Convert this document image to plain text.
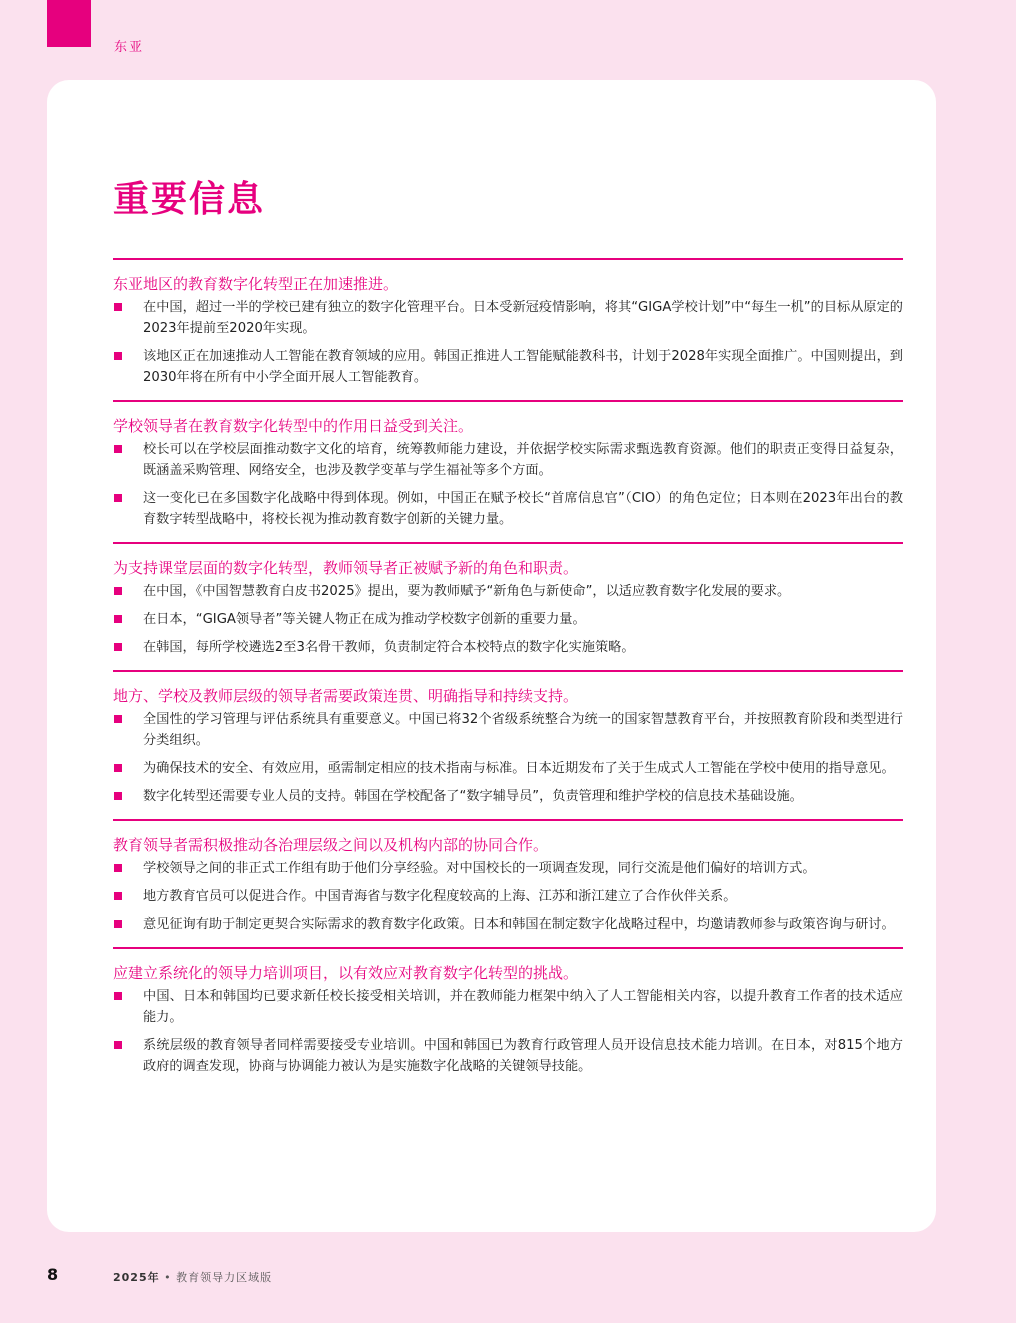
东亚
重要信息
东亚地区的教育数字化转型正在加速推进。
在中国，超过一半的学校已建有独立的数字化管理平台。日本受新冠疫情影响，将其“GIGA学校计划”中“每生一机”的目标从原定的2023年提前至2020年实现。
该地区正在加速推动人工智能在教育领域的应用。韩国正推进人工智能赋能教科书，计划于2028年实现全面推广。中国则提出，到2030年将在所有中小学全面开展人工智能教育。
学校领导者在教育数字化转型中的作用日益受到关注。
校长可以在学校层面推动数字文化的培育，统筹教师能力建设，并依据学校实际需求甄选教育资源。他们的职责正变得日益复杂，既涵盖采购管理、网络安全，也涉及教学变革与学生福祉等多个方面。
这一变化已在多国数字化战略中得到体现。例如，中国正在赋予校长“首席信息官”（CIO）的角色定位；日本则在2023年出台的教育数字转型战略中，将校长视为推动教育数字创新的关键力量。
为支持课堂层面的数字化转型，教师领导者正被赋予新的角色和职责。
在中国，《中国智慧教育白皮书2025》提出，要为教师赋予“新角色与新使命”，以适应教育数字化发展的要求。
在日本，“GIGA领导者”等关键人物正在成为推动学校数字创新的重要力量。
在韩国，每所学校遴选2至3名骨干教师，负责制定符合本校特点的数字化实施策略。
地方、学校及教师层级的领导者需要政策连贯、明确指导和持续支持。
全国性的学习管理与评估系统具有重要意义。中国已将32个省级系统整合为统一的国家智慧教育平台，并按照教育阶段和类型进行分类组织。
为确保技术的安全、有效应用，亟需制定相应的技术指南与标准。日本近期发布了关于生成式人工智能在学校中使用的指导意见。
数字化转型还需要专业人员的支持。韩国在学校配备了“数字辅导员”，负责管理和维护学校的信息技术基础设施。
教育领导者需积极推动各治理层级之间以及机构内部的协同合作。
学校领导之间的非正式工作组有助于他们分享经验。对中国校长的一项调查发现，同行交流是他们偏好的培训方式。
地方教育官员可以促进合作。中国青海省与数字化程度较高的上海、江苏和浙江建立了合作伙伴关系。
意见征询有助于制定更契合实际需求的教育数字化政策。日本和韩国在制定数字化战略过程中，均邀请教师参与政策咨询与研讨。
应建立系统化的领导力培训项目，以有效应对教育数字化转型的挑战。
中国、日本和韩国均已要求新任校长接受相关培训，并在教师能力框架中纳入了人工智能相关内容，以提升教育工作者的技术适应能力。
系统层级的教育领导者同样需要接受专业培训。中国和韩国已为教育行政管理人员开设信息技术能力培训。在日本，对815个地方政府的调查发现，协商与协调能力被认为是实施数字化战略的关键领导技能。
8	2025年 • 教育领导力区域版
